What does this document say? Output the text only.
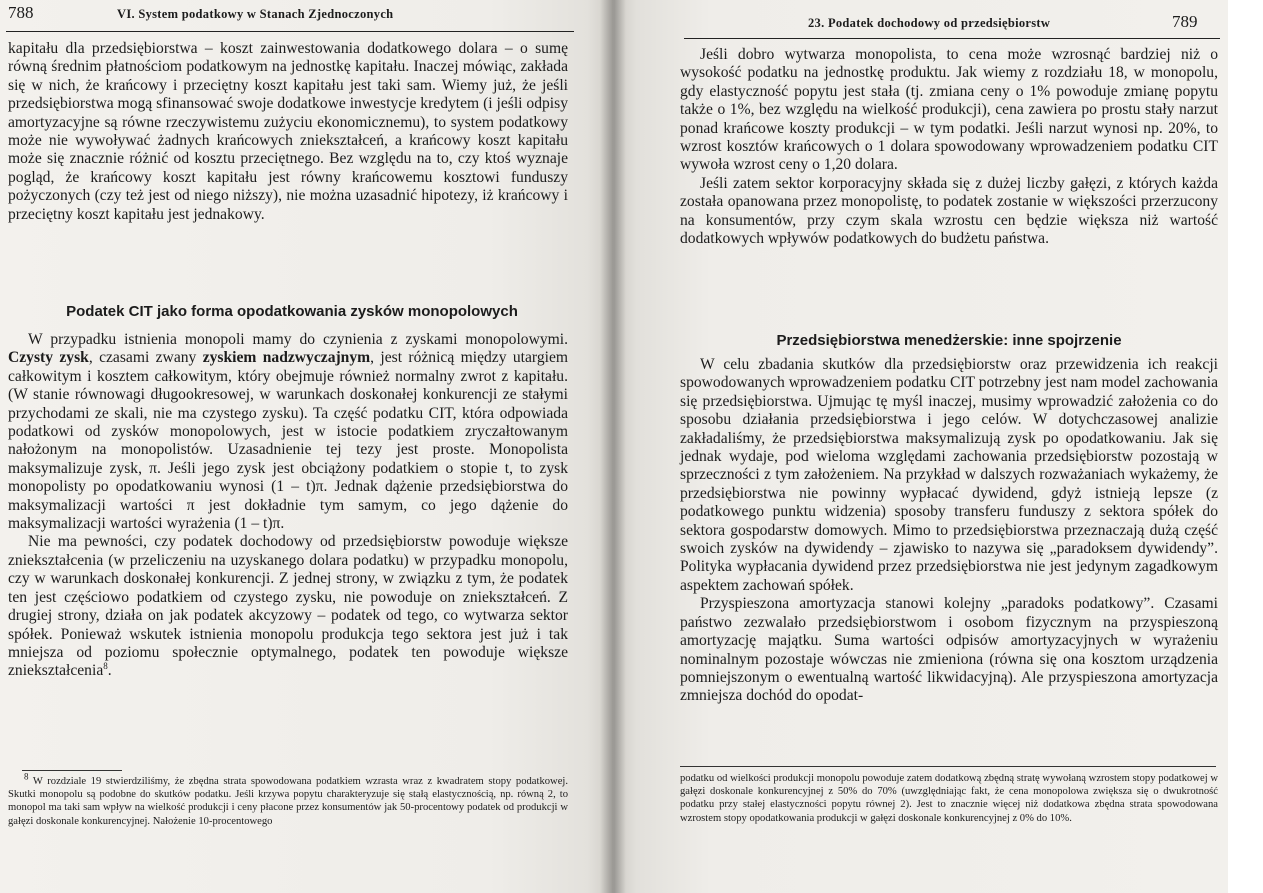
788	VI. System podatkowy w Stanach Zjednoczonych

kapitału dla przedsiębiorstwa – koszt zainwestowania dodatkowego dolara – o sumę równą średnim płatnościom podatkowym na jednostkę kapitału. Inaczej mówiąc, zakłada się w nich, że krańcowy i przeciętny koszt kapitału jest taki sam. Wiemy już, że jeśli przedsiębiorstwa mogą sfinansować swoje dodatkowe inwestycje kredytem (i jeśli odpisy amortyzacyjne są równe rzeczywistemu zużyciu ekonomicznemu), to system podatkowy może nie wywoływać żadnych krańcowych zniekształceń, a krańcowy koszt kapitału może się znacznie różnić od kosztu przeciętnego. Bez względu na to, czy ktoś wyznaje pogląd, że krańcowy koszt kapitału jest równy krańcowemu kosztowi funduszy pożyczonych (czy też jest od niego niższy), nie można uzasadnić hipotezy, iż krańcowy i przeciętny koszt kapitału jest jednakowy.

Podatek CIT jako forma opodatkowania zysków monopolowych

W przypadku istnienia monopoli mamy do czynienia z zyskami monopolowymi. Czysty zysk, czasami zwany zyskiem nadzwyczajnym, jest różnicą między utargiem całkowitym i kosztem całkowitym, który obejmuje również normalny zwrot z kapitału. (W stanie równowagi długookresowej, w warunkach doskonałej konkurencji ze stałymi przychodami ze skali, nie ma czystego zysku). Ta część podatku CIT, która odpowiada podatkowi od zysków monopolowych, jest w istocie podatkiem zryczałtowanym nałożonym na monopolistów. Uzasadnienie tej tezy jest proste. Monopolista maksymalizuje zysk, π. Jeśli jego zysk jest obciążony podatkiem o stopie t, to zysk monopolisty po opodatkowaniu wynosi (1 – t)π. Jednak dążenie przedsiębiorstwa do maksymalizacji wartości π jest dokładnie tym samym, co jego dążenie do maksymalizacji wartości wyrażenia (1 – t)π.

Nie ma pewności, czy podatek dochodowy od przedsiębiorstw powoduje większe zniekształcenia (w przeliczeniu na uzyskanego dolara podatku) w przypadku monopolu, czy w warunkach doskonałej konkurencji. Z jednej strony, w związku z tym, że podatek ten jest częściowo podatkiem od czystego zysku, nie powoduje on zniekształceń. Z drugiej strony, działa on jak podatek akcyzowy – podatek od tego, co wytwarza sektor spółek. Ponieważ wskutek istnienia monopolu produkcja tego sektora jest już i tak mniejsza od poziomu społecznie optymalnego, podatek ten powoduje większe zniekształcenia$^8$.

$^8$ W rozdziale 19 stwierdziliśmy, że zbędna strata spowodowana podatkiem wzrasta wraz z kwadratem stopy podatkowej. Skutki monopolu są podobne do skutków podatku. Jeśli krzywa popytu charakteryzuje się stałą elastycznością, np. równą 2, to monopol ma taki sam wpływ na wielkość produkcji i ceny płacone przez konsumentów jak 50-procentowy podatek od produkcji w gałęzi doskonale konkurencyjnej. Nałożenie 10-procentowego

23. Podatek dochodowy od przedsiębiorstw	789

Jeśli dobro wytwarza monopolista, to cena może wzrosnąć bardziej niż o wysokość podatku na jednostkę produktu. Jak wiemy z rozdziału 18, w monopolu, gdy elastyczność popytu jest stała (tj. zmiana ceny o 1% powoduje zmianę popytu także o 1%, bez względu na wielkość produkcji), cena zawiera po prostu stały narzut ponad krańcowe koszty produkcji – w tym podatki. Jeśli narzut wynosi np. 20%, to wzrost kosztów krańcowych o 1 dolara spowodowany wprowadzeniem podatku CIT wywoła wzrost ceny o 1,20 dolara.

Jeśli zatem sektor korporacyjny składa się z dużej liczby gałęzi, z których każda została opanowana przez monopolistę, to podatek zostanie w większości przerzucony na konsumentów, przy czym skala wzrostu cen będzie większa niż wartość dodatkowych wpływów podatkowych do budżetu państwa.

Przedsiębiorstwa menedżerskie: inne spojrzenie

W celu zbadania skutków dla przedsiębiorstw oraz przewidzenia ich reakcji spowodowanych wprowadzeniem podatku CIT potrzebny jest nam model zachowania się przedsiębiorstwa. Ujmując tę myśl inaczej, musimy wprowadzić założenia co do sposobu działania przedsiębiorstwa i jego celów. W dotychczasowej analizie zakładaliśmy, że przedsiębiorstwa maksymalizują zysk po opodatkowaniu. Jak się jednak wydaje, pod wieloma względami zachowania przedsiębiorstw pozostają w sprzeczności z tym założeniem. Na przykład w dalszych rozważaniach wykażemy, że przedsiębiorstwa nie powinny wypłacać dywidend, gdyż istnieją lepsze (z podatkowego punktu widzenia) sposoby transferu funduszy z sektora spółek do sektora gospodarstw domowych. Mimo to przedsiębiorstwa przeznaczają dużą część swoich zysków na dywidendy – zjawisko to nazywa się „paradoksem dywidendy”. Polityka wypłacania dywidend przez przedsiębiorstwa nie jest jedynym zagadkowym aspektem zachowań spółek.

Przyspieszona amortyzacja stanowi kolejny „paradoks podatkowy”. Czasami państwo zezwalało przedsiębiorstwom i osobom fizycznym na przyspieszoną amortyzację majątku. Suma wartości odpisów amortyzacyjnych w wyrażeniu nominalnym pozostaje wówczas nie zmieniona (równa się ona kosztom urządzenia pomniejszonym o ewentualną wartość likwidacyjną). Ale przyspieszona amortyzacja zmniejsza dochód do opodat-

podatku od wielkości produkcji monopolu powoduje zatem dodatkową zbędną stratę wywołaną wzrostem stopy podatkowej w gałęzi doskonale konkurencyjnej z 50% do 70% (uwzględniając fakt, że cena monopolowa zwiększa się o dwukrotność podatku przy stałej elastyczności popytu równej 2). Jest to znacznie więcej niż dodatkowa zbędna strata spowodowana wzrostem stopy opodatkowania produkcji w gałęzi doskonale konkurencyjnej z 0% do 10%.
